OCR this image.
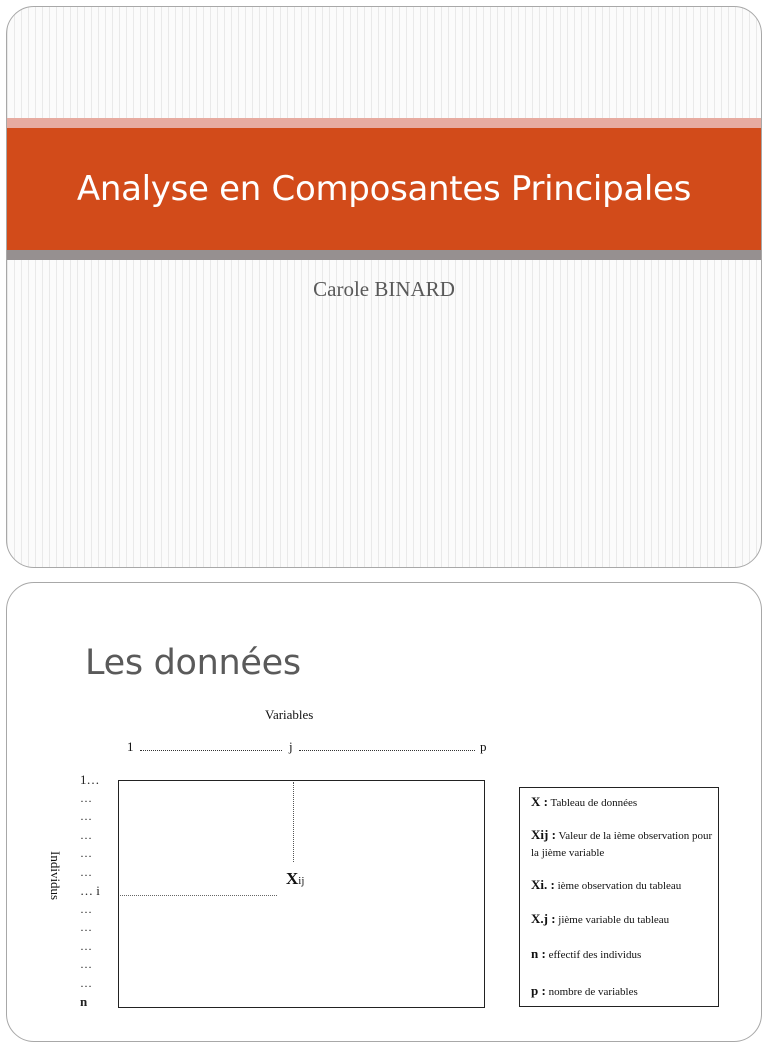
Analyse en Composantes Principales
Carole BINARD
Les données
Variables
1	j	p
Individus
1…
…
…
…
…
…
… i
…
…
…
…
…
n
Xij
X : Tableau de données
Xij : Valeur de la ième observation pour la jième variable
Xi. : ième observation du tableau
X.j : jième variable du tableau
n : effectif des individus
p : nombre de variables
